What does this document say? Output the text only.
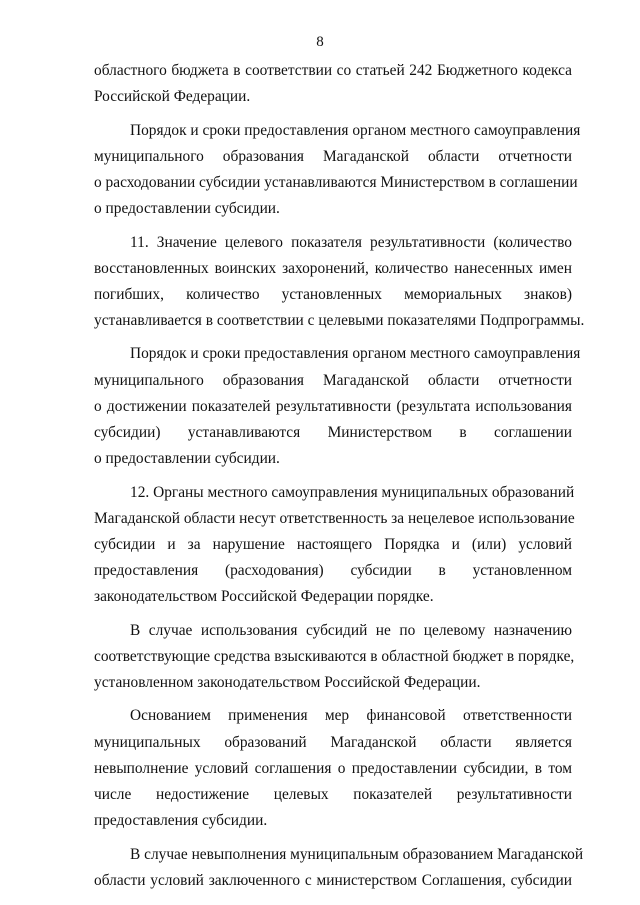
8
областного бюджета в соответствии со статьей 242 Бюджетного кодекса
Российской Федерации.
Порядок и сроки предоставления органом местного самоуправления
муниципального образования Магаданской области отчетности
о расходовании субсидии устанавливаются Министерством в соглашении
о предоставлении субсидии.
11. Значение целевого показателя результативности (количество
восстановленных воинских захоронений, количество нанесенных имен
погибших, количество установленных мемориальных знаков)
устанавливается в соответствии с целевыми показателями Подпрограммы.
Порядок и сроки предоставления органом местного самоуправления
муниципального образования Магаданской области отчетности
о достижении показателей результативности (результата использования
субсидии) устанавливаются Министерством в соглашении
о предоставлении субсидии.
12. Органы местного самоуправления муниципальных образований
Магаданской области несут ответственность за нецелевое использование
субсидии и за нарушение настоящего Порядка и (или) условий
предоставления (расходования) субсидии в установленном
законодательством Российской Федерации порядке.
В случае использования субсидий не по целевому назначению
соответствующие средства взыскиваются в областной бюджет в порядке,
установленном законодательством Российской Федерации.
Основанием применения мер финансовой ответственности
муниципальных образований Магаданской области является
невыполнение условий соглашения о предоставлении субсидии, в том
числе недостижение целевых показателей результативности
предоставления субсидии.
В случае невыполнения муниципальным образованием Магаданской
области условий заключенного с министерством Соглашения, субсидии
